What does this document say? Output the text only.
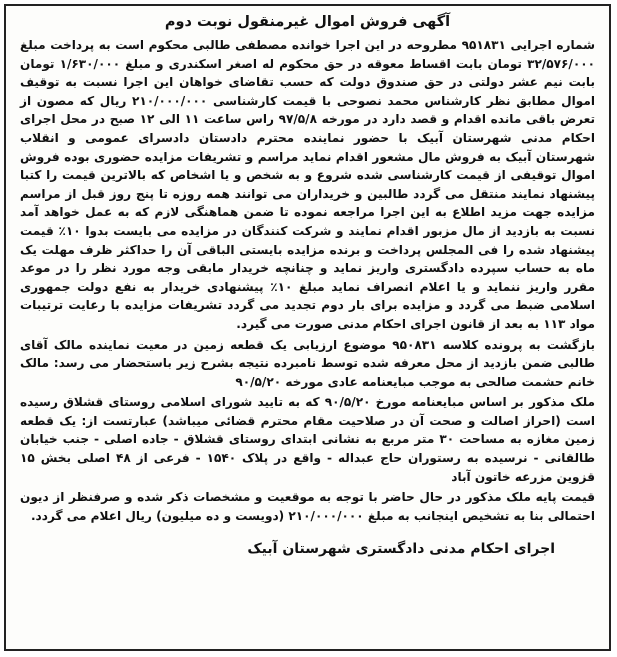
آگهی فروش اموال غیرمنقول نوبت دوم

شماره اجرایی ۹۵۱۸۳۱ مطروحه در این اجرا خوانده مصطفی طالبی محکوم است به پرداخت مبلغ ۳۲/۵۷۶/۰۰۰ تومان بابت اقساط معوقه در حق محکوم له اصغر اسکندری و مبلغ ۱/۶۳۰/۰۰۰ تومان بابت نیم عشر دولتی در حق صندوق دولت که حسب تقاضای خواهان این اجرا نسبت به توقیف اموال مطابق نظر کارشناس محمد نصوحی با قیمت کارشناسی ۲۱۰/۰۰۰/۰۰۰ ریال که مصون از تعرض باقی مانده اقدام و قصد دارد در مورخه ۹۷/۵/۸ راس ساعت ۱۱ الی ۱۲ صبح در محل اجرای احکام مدنی شهرستان آبیک با حضور نماینده محترم دادستان دادسرای عمومی و انقلاب شهرستان آبیک به فروش مال مشعور اقدام نماید مراسم و تشریفات مزایده حضوری بوده فروش اموال توقیفی از قیمت کارشناسی شده شروع و به شخص و یا اشخاص که بالاترین قیمت را کتبا پیشنهاد نمایند منتقل می گردد طالبین و خریداران می توانند همه روزه تا پنج روز قبل از مراسم مزایده جهت مزید اطلاع به این اجرا مراجعه نموده تا ضمن هماهنگی لازم که به عمل خواهد آمد نسبت به بازدید از مال مزبور اقدام نمایند و شرکت کنندگان در مزایده می بایست بدوا ۱۰٪ قیمت پیشنهاد شده را فی المجلس پرداخت و برنده مزایده بایستی الباقی آن را حداکثر ظرف مهلت یک ماه به حساب سپرده دادگستری واریز نماید و چنانچه خریدار مابقی وجه مورد نظر را در موعد مقرر واریز ننماید و یا اعلام انصراف نماید مبلغ ۱۰٪ پیشنهادی خریدار به نفع دولت جمهوری اسلامی ضبط می گردد و مزایده برای بار دوم تجدید می گردد تشریفات مزایده با رعایت ترتیبات مواد ۱۱۳ به بعد از قانون اجرای احکام مدنی صورت می گیرد.

بازگشت به پرونده کلاسه ۹۵۰۸۳۱ موضوع ارزیابی یک قطعه زمین در معیت نماینده مالک آقای طالبی ضمن بازدید از محل معرفه شده توسط نامبرده نتیجه بشرح زیر باستحضار می رسد: مالک خانم حشمت صالحی به موجب مبایعنامه عادی مورخه ۹۰/۵/۲۰

ملک مذکور بر اساس مبایعنامه مورخ ۹۰/۵/۲۰ که به تایید شورای اسلامی روستای قشلاق رسیده است (احراز اصالت و صحت آن در صلاحیت مقام محترم قضائی میباشد) عبارتست از: یک قطعه زمین مغازه به مساحت ۳۰ متر مربع به نشانی ابتدای روستای قشلاق - جاده اصلی - جنب خیابان طالقانی - نرسیده به رستوران حاج عبداله - واقع در پلاک ۱۵۴۰ - فرعی از ۴۸ اصلی بخش ۱۵ قزوین مزرعه خاتون آباد

قیمت پایه ملک مذکور در حال حاضر با توجه به موقعیت و مشخصات ذکر شده و صرفنظر از دیون احتمالی بنا به تشخیص اینجانب به مبلغ ۲۱۰/۰۰۰/۰۰۰ (دویست و ده میلیون) ریال اعلام می گردد.

اجرای احکام مدنی دادگستری شهرستان آبیک
